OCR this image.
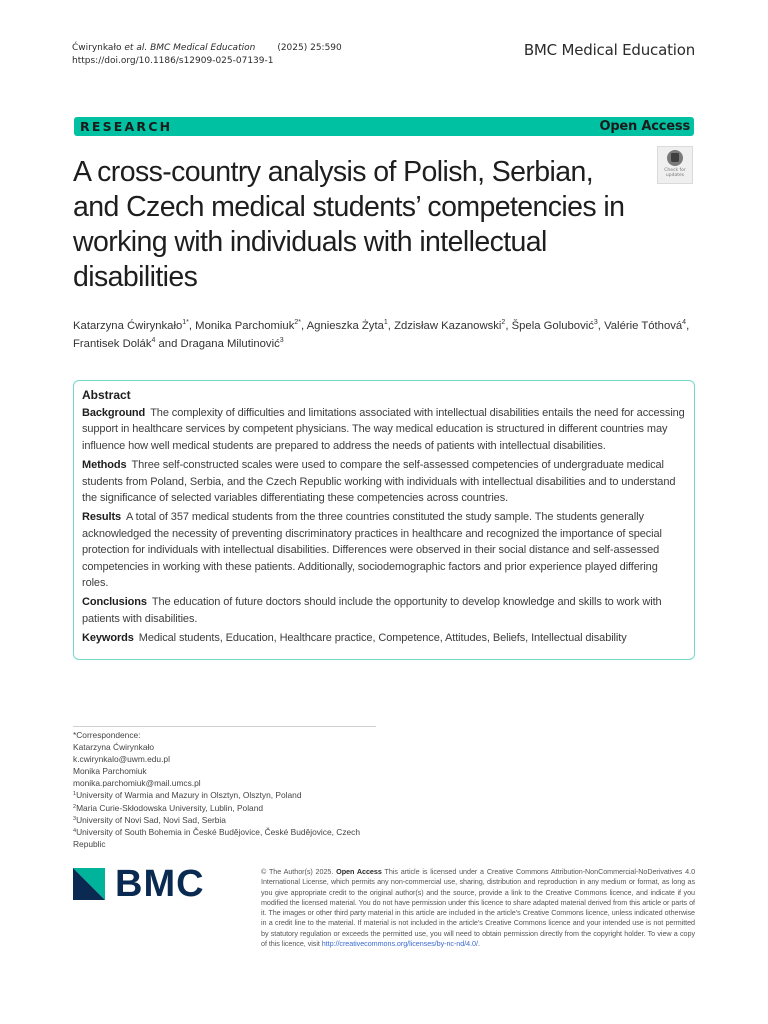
Ćwirynkało et al. BMC Medical Education (2025) 25:590
https://doi.org/10.1186/s12909-025-07139-1
BMC Medical Education
RESEARCH	Open Access
Check for
updates
A cross-country analysis of Polish, Serbian, and Czech medical students’ competencies in working with individuals with intellectual disabilities
Katarzyna Ćwirynkało$^{1*}$, Monika Parchomiuk$^{2*}$, Agnieszka Żyta$^1$, Zdzisław Kazanowski$^2$, Špela Golubović$^3$, Valérie Tóthová$^4$, Frantisek Dolák$^4$ and Dragana Milutinović$^3$
Abstract

Background The complexity of difficulties and limitations associated with intellectual disabilities entails the need for accessing support in healthcare services by competent physicians. The way medical education is structured in different countries may influence how well medical students are prepared to address the needs of patients with intellectual disabilities.

Methods Three self-constructed scales were used to compare the self-assessed competencies of undergraduate medical students from Poland, Serbia, and the Czech Republic working with individuals with intellectual disabilities and to understand the significance of selected variables differentiating these competencies across countries.

Results A total of 357 medical students from the three countries constituted the study sample. The students generally acknowledged the necessity of preventing discriminatory practices in healthcare and recognized the importance of special protection for individuals with intellectual disabilities. Differences were observed in their social distance and self-assessed competencies in working with these patients. Additionally, sociodemographic factors and prior experience played differing roles.

Conclusions The education of future doctors should include the opportunity to develop knowledge and skills to work with patients with disabilities.

Keywords Medical students, Education, Healthcare practice, Competence, Attitudes, Beliefs, Intellectual disability

*Correspondence:
Katarzyna Ćwirynkało
k.cwirynkalo@uwm.edu.pl
Monika Parchomiuk
monika.parchomiuk@mail.umcs.pl
$^1$University of Warmia and Mazury in Olsztyn, Olsztyn, Poland
$^2$Maria Curie-Skłodowska University, Lublin, Poland
$^3$University of Novi Sad, Novi Sad, Serbia
$^4$University of South Bohemia in České Budějovice, České Budějovice, Czech Republic
BMC	© The Author(s) 2025. Open Access This article is licensed under a Creative Commons Attribution-NonCommercial-NoDerivatives 4.0 International License, which permits any non-commercial use, sharing, distribution and reproduction in any medium or format, as long as you give appropriate credit to the original author(s) and the source, provide a link to the Creative Commons licence, and indicate if you modified the licensed material. You do not have permission under this licence to share adapted material derived from this article or parts of it. The images or other third party material in this article are included in the article’s Creative Commons licence, unless indicated otherwise in a credit line to the material. If material is not included in the article’s Creative Commons licence and your intended use is not permitted by statutory regulation or exceeds the permitted use, you will need to obtain permission directly from the copyright holder. To view a copy of this licence, visit http://creativecommons.org/licenses/by-nc-nd/4.0/.
